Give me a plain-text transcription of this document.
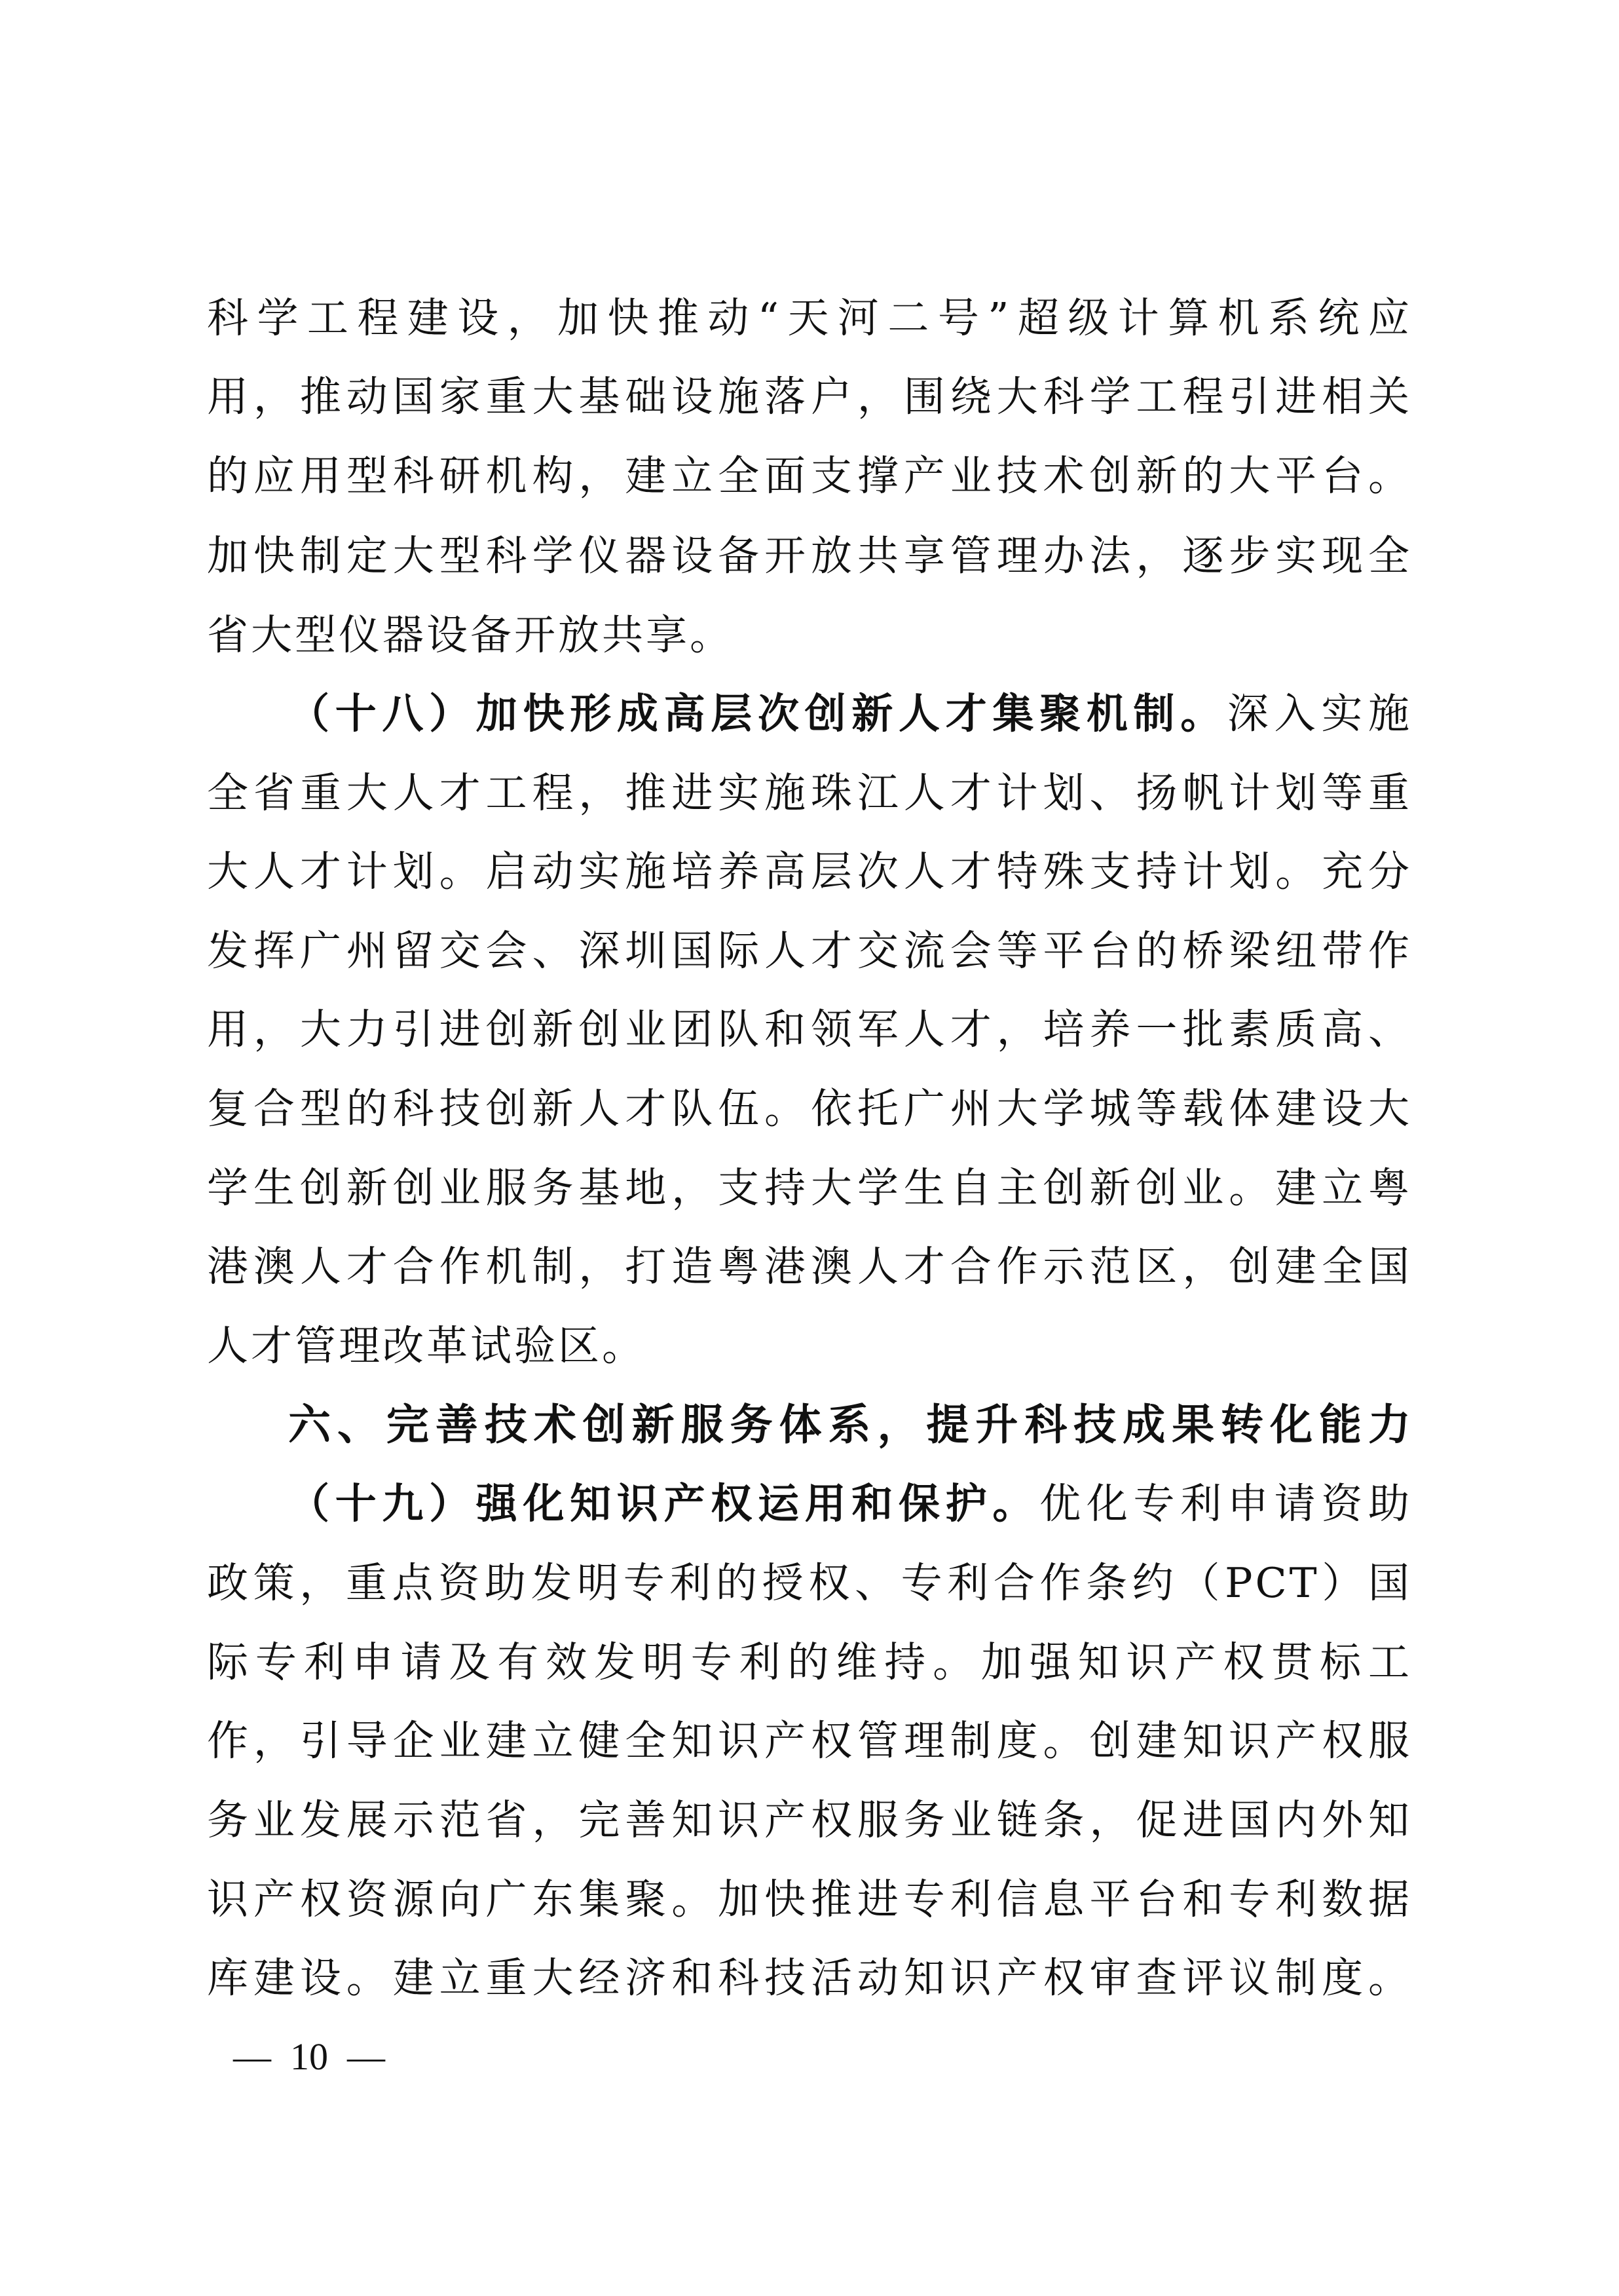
科学工程建设，加快推动“天河二号”超级计算机系统应
用，推动国家重大基础设施落户，围绕大科学工程引进相关
的应用型科研机构，建立全面支撑产业技术创新的大平台。
加快制定大型科学仪器设备开放共享管理办法，逐步实现全
省大型仪器设备开放共享。
（十八）加快形成高层次创新人才集聚机制。深入实施
全省重大人才工程，推进实施珠江人才计划、扬帆计划等重
大人才计划。启动实施培养高层次人才特殊支持计划。充分
发挥广州留交会、深圳国际人才交流会等平台的桥梁纽带作
用，大力引进创新创业团队和领军人才，培养一批素质高、
复合型的科技创新人才队伍。依托广州大学城等载体建设大
学生创新创业服务基地，支持大学生自主创新创业。建立粤
港澳人才合作机制，打造粤港澳人才合作示范区，创建全国
人才管理改革试验区。
六、完善技术创新服务体系，提升科技成果转化能力
（十九）强化知识产权运用和保护。优化专利申请资助
政策，重点资助发明专利的授权、专利合作条约（PCT）国
际专利申请及有效发明专利的维持。加强知识产权贯标工
作，引导企业建立健全知识产权管理制度。创建知识产权服
务业发展示范省，完善知识产权服务业链条，促进国内外知
识产权资源向广东集聚。加快推进专利信息平台和专利数据
库建设。建立重大经济和科技活动知识产权审查评议制度。
—  10  —
